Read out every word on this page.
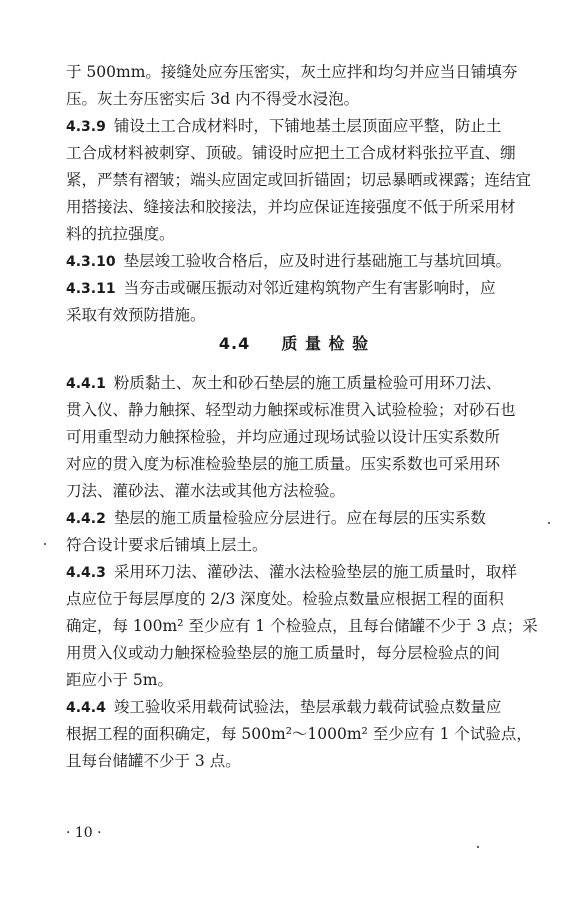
于 500mm。接缝处应夯压密实，灰土应拌和均匀并应当日铺填夯
压。灰土夯压密实后 3d 内不得受水浸泡。
4.3.9 铺设土工合成材料时，下铺地基土层顶面应平整，防止土
工合成材料被刺穿、顶破。铺设时应把土工合成材料张拉平直、绷
紧，严禁有褶皱；端头应固定或回折锚固；切忌暴晒或裸露；连结宜
用搭接法、缝接法和胶接法，并均应保证连接强度不低于所采用材
料的抗拉强度。
4.3.10 垫层竣工验收合格后，应及时进行基础施工与基坑回填。
4.3.11 当夯击或碾压振动对邻近建构筑物产生有害影响时，应
采取有效预防措施。
4.4 质 量 检 验
4.4.1 粉质黏土、灰土和砂石垫层的施工质量检验可用环刀法、
贯入仪、静力触探、轻型动力触探或标准贯入试验检验；对砂石也
可用重型动力触探检验，并均应通过现场试验以设计压实系数所
对应的贯入度为标准检验垫层的施工质量。压实系数也可采用环
刀法、灌砂法、灌水法或其他方法检验。
4.4.2 垫层的施工质量检验应分层进行。应在每层的压实系数
符合设计要求后铺填上层土。
4.4.3 采用环刀法、灌砂法、灌水法检验垫层的施工质量时，取样
点应位于每层厚度的 2/3 深度处。检验点数量应根据工程的面积
确定，每 100m² 至少应有 1 个检验点，且每台储罐不少于 3 点；采
用贯入仪或动力触探检验垫层的施工质量时，每分层检验点的间
距应小于 5m。
4.4.4 竣工验收采用载荷试验法，垫层承载力载荷试验点数量应
根据工程的面积确定，每 500m²～1000m² 至少应有 1 个试验点，
且每台储罐不少于 3 点。
· 10 ·
